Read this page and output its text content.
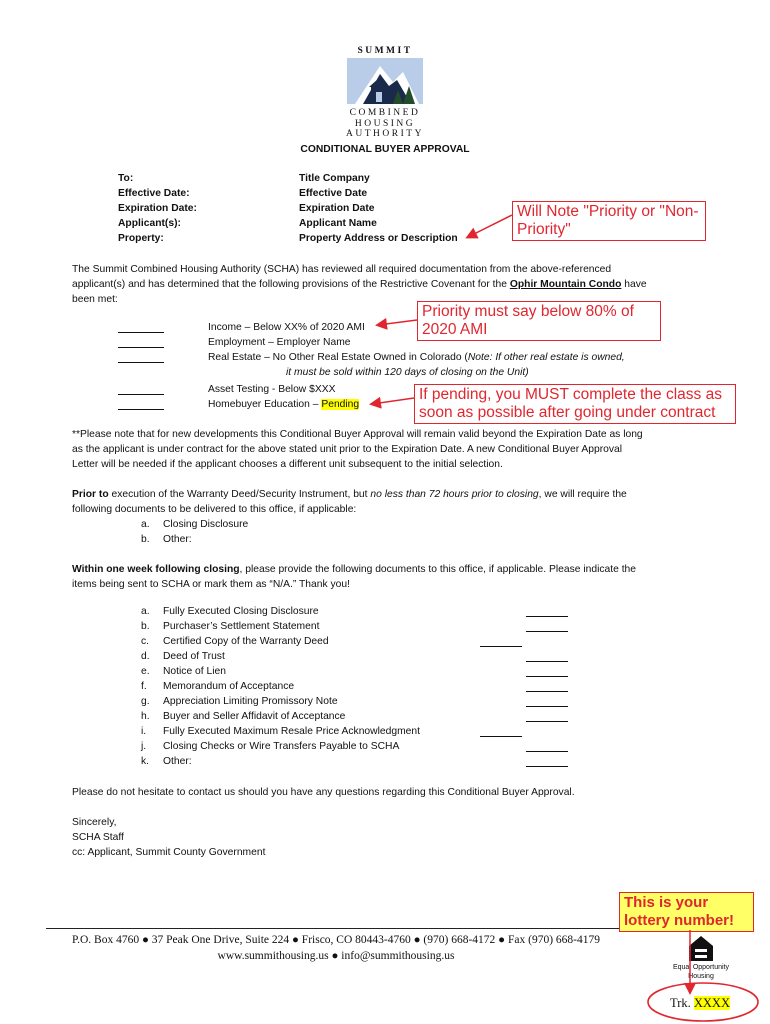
SUMMIT
COMBINED
HOUSING AUTHORITY
CONDITIONAL BUYER APPROVAL
To:
Effective Date:
Expiration Date:
Applicant(s):
Property:
Title Company
Effective Date
Expiration Date
Applicant Name
Property Address or Description
The Summit Combined Housing Authority (SCHA) has reviewed all required documentation from the above-referenced
applicant(s) and has determined that the following provisions of the Restrictive Covenant for the Ophir Mountain Condo have
been met:
Income – Below XX% of 2020 AMI
Employment – Employer Name
Real Estate – No Other Real Estate Owned in Colorado (Note: If other real estate is owned,
it must be sold within 120 days of closing on the Unit)
Asset Testing - Below $XXX
Homebuyer Education – Pending
**Please note that for new developments this Conditional Buyer Approval will remain valid beyond the Expiration Date as long
as the applicant is under contract for the above stated unit prior to the Expiration Date. A new Conditional Buyer Approval
Letter will be needed if the applicant chooses a different unit subsequent to the initial selection.
Prior to execution of the Warranty Deed/Security Instrument, but no less than 72 hours prior to closing, we will require the
following documents to be delivered to this office, if applicable:
a. Closing Disclosure
b. Other:
Within one week following closing, please provide the following documents to this office, if applicable. Please indicate the
items being sent to SCHA or mark them as “N/A.” Thank you!
a. Fully Executed Closing Disclosure
b. Purchaser’s Settlement Statement
c. Certified Copy of the Warranty Deed
d. Deed of Trust
e. Notice of Lien
f. Memorandum of Acceptance
g. Appreciation Limiting Promissory Note
h. Buyer and Seller Affidavit of Acceptance
i. Fully Executed Maximum Resale Price Acknowledgment
j. Closing Checks or Wire Transfers Payable to SCHA
k. Other:
Please do not hesitate to contact us should you have any questions regarding this Conditional Buyer Approval.
Sincerely,
SCHA Staff
cc: Applicant, Summit County Government
P.O. Box 4760 ● 37 Peak One Drive, Suite 224 ● Frisco, CO 80443-4760 ● (970) 668-4172 ● Fax (970) 668-4179
www.summithousing.us ● info@summithousing.us
Equal Opportunity
Housing
Trk. XXXX
Will Note "Priority or "Non-Priority"
Priority must say below 80% of 2020 AMI
If pending, you MUST complete the class as soon as possible after going under contract
This is your lottery number!
